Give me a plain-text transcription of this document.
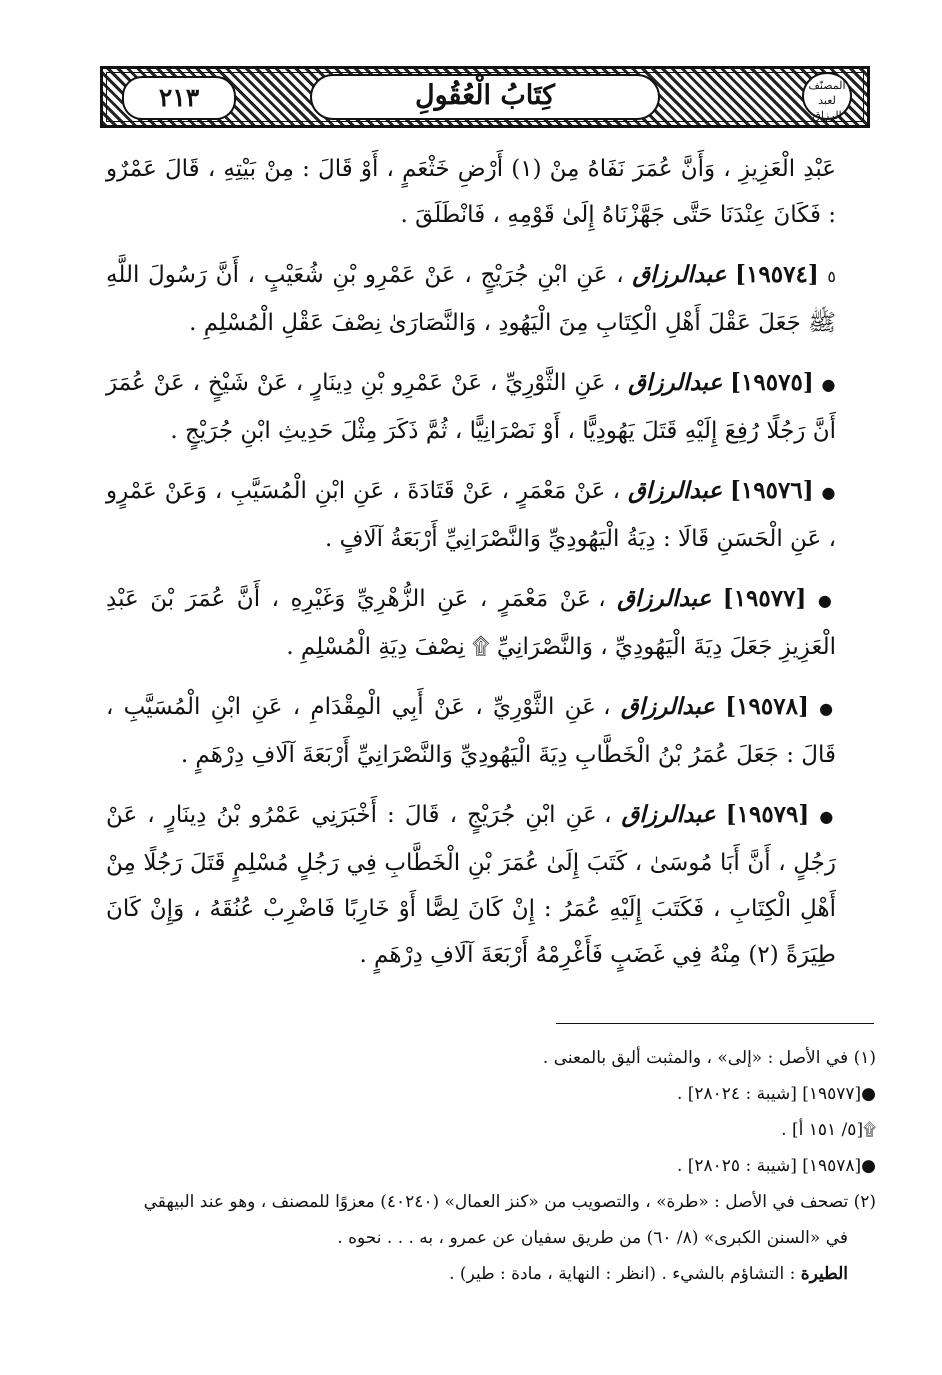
كِتَابُ الْعُقُولِ
٢١٣	المصنّف
لعبد الرزاق

عَبْدِ الْعَزِيزِ ، وَأَنَّ عُمَرَ نَفَاهُ مِنْ (١) أَرْضِ خَثْعَمٍ ، أَوْ قَالَ : مِنْ بَيْتِهِ ، قَالَ عَمْرٌو : فَكَانَ عِنْدَنَا حَتَّى جَهَّزْنَاهُ إِلَىٰ قَوْمِهِ ، فَانْطَلَقَ .

٥ [١٩٥٧٤] عبدالرزاق ، عَنِ ابْنِ جُرَيْجٍ ، عَنْ عَمْرِو بْنِ شُعَيْبٍ ، أَنَّ رَسُولَ اللَّهِ ﷺ جَعَلَ عَقْلَ أَهْلِ الْكِتَابِ مِنَ الْيَهُودِ ، وَالنَّصَارَىٰ نِصْفَ عَقْلِ الْمُسْلِمِ .

● [١٩٥٧٥] عبدالرزاق ، عَنِ الثَّوْرِيِّ ، عَنْ عَمْرِو بْنِ دِينَارٍ ، عَنْ شَيْخٍ ، عَنْ عُمَرَ أَنَّ رَجُلًا رُفِعَ إِلَيْهِ قَتَلَ يَهُودِيًّا ، أَوْ نَصْرَانِيًّا ، ثُمَّ ذَكَرَ مِثْلَ حَدِيثِ ابْنِ جُرَيْجٍ .

● [١٩٥٧٦] عبدالرزاق ، عَنْ مَعْمَرٍ ، عَنْ قَتَادَةَ ، عَنِ ابْنِ الْمُسَيَّبِ ، وَعَنْ عَمْرٍو ، عَنِ الْحَسَنِ قَالَا : دِيَةُ الْيَهُودِيِّ وَالنَّصْرَانِيِّ أَرْبَعَةُ آلَافٍ .

● [١٩٥٧٧] عبدالرزاق ، عَنْ مَعْمَرٍ ، عَنِ الزُّهْرِيِّ وَغَيْرِهِ ، أَنَّ عُمَرَ بْنَ عَبْدِ الْعَزِيزِ جَعَلَ دِيَةَ الْيَهُودِيِّ ، وَالنَّصْرَانِيِّ ۩ نِصْفَ دِيَةِ الْمُسْلِمِ .

● [١٩٥٧٨] عبدالرزاق ، عَنِ الثَّوْرِيِّ ، عَنْ أَبِي الْمِقْدَامِ ، عَنِ ابْنِ الْمُسَيَّبِ ، قَالَ : جَعَلَ عُمَرُ بْنُ الْخَطَّابِ دِيَةَ الْيَهُودِيِّ وَالنَّصْرَانِيِّ أَرْبَعَةَ آلَافِ دِرْهَمٍ .

● [١٩٥٧٩] عبدالرزاق ، عَنِ ابْنِ جُرَيْجٍ ، قَالَ : أَخْبَرَنِي عَمْرُو بْنُ دِينَارٍ ، عَنْ رَجُلٍ ، أَنَّ أَبَا مُوسَىٰ ، كَتَبَ إِلَىٰ عُمَرَ بْنِ الْخَطَّابِ فِي رَجُلٍ مُسْلِمٍ قَتَلَ رَجُلًا مِنْ أَهْلِ الْكِتَابِ ، فَكَتَبَ إِلَيْهِ عُمَرُ : إِنْ كَانَ لِصًّا أَوْ خَارِبًا فَاضْرِبْ عُنُقَهُ ، وَإِنْ كَانَ طِيَرَةً (٢) مِنْهُ فِي غَضَبٍ فَأَغْرِمْهُ أَرْبَعَةَ آلَافِ دِرْهَمٍ .

(١) في الأصل : «إلى» ، والمثبت أليق بالمعنى .

●[١٩٥٧٧] [شيبة : ٢٨٠٢٤] .

۩[٥/ ١٥١ أ] .

●[١٩٥٧٨] [شيبة : ٢٨٠٢٥] .

(٢) تصحف في الأصل : «طرة» ، والتصويب من «كنز العمال» (٤٠٢٤٠) معزوًا للمصنف ، وهو عند البيهقي

في «السنن الكبرى» (٨/ ٦٠) من طريق سفيان عن عمرو ، به . . . نحوه .

الطيرة : التشاؤم بالشيء . (انظر : النهاية ، مادة : طير) .
